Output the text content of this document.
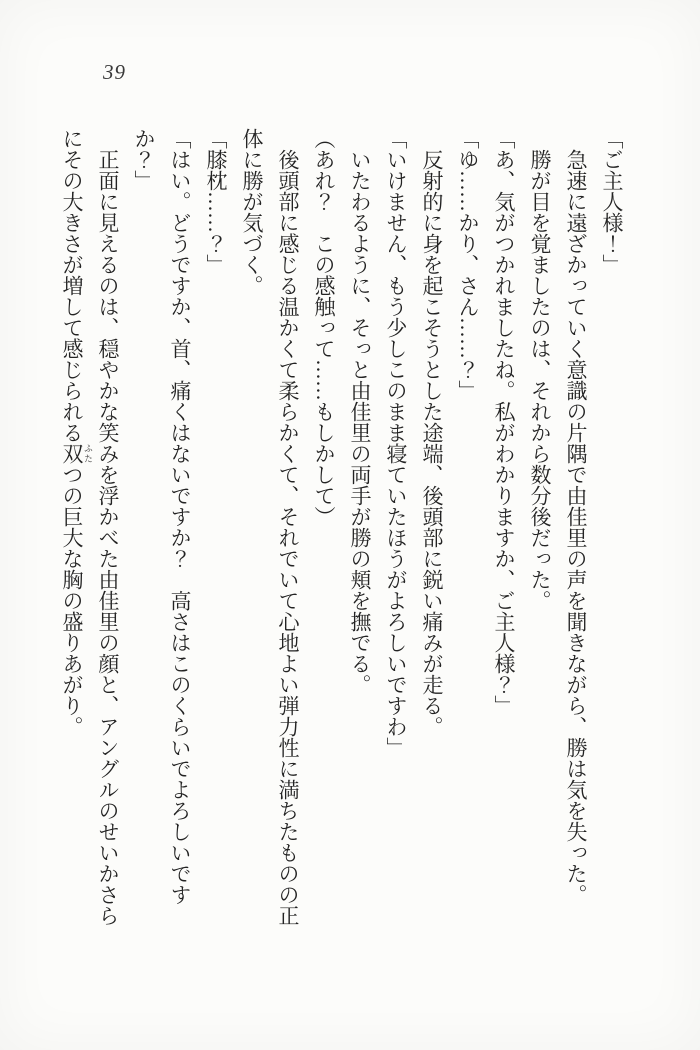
39

「ご主人様！」

急速に遠ざかっていく意識の片隅で由佳里の声を聞きながら、勝は気を失った。

勝が目を覚ましたのは、それから数分後だった。

「あ、気がつかれましたね。私がわかりますか、ご主人様？」

「ゆ……かり、さん……？」

反射的に身を起こそうとした途端、後頭部に鋭い痛みが走る。

「いけません、もう少しこのまま寝ていたほうがよろしいですわ」

いたわるように、そっと由佳里の両手が勝の頬を撫でる。

（あれ？　この感触って……もしかして）

後頭部に感じる温かくて柔らかくて、それでいて心地よい弾力性に満ちたものの正体に勝が気づく。

「膝枕……？」

「はい。どうですか、首、痛くはないですか？　高さはこのくらいでよろしいですか？」

正面に見えるのは、穏やかな笑みを浮かべた由佳里の顔と、アングルのせいかさらにその大きさが増して感じられる双 ふたつの巨大な胸の盛りあがり。
